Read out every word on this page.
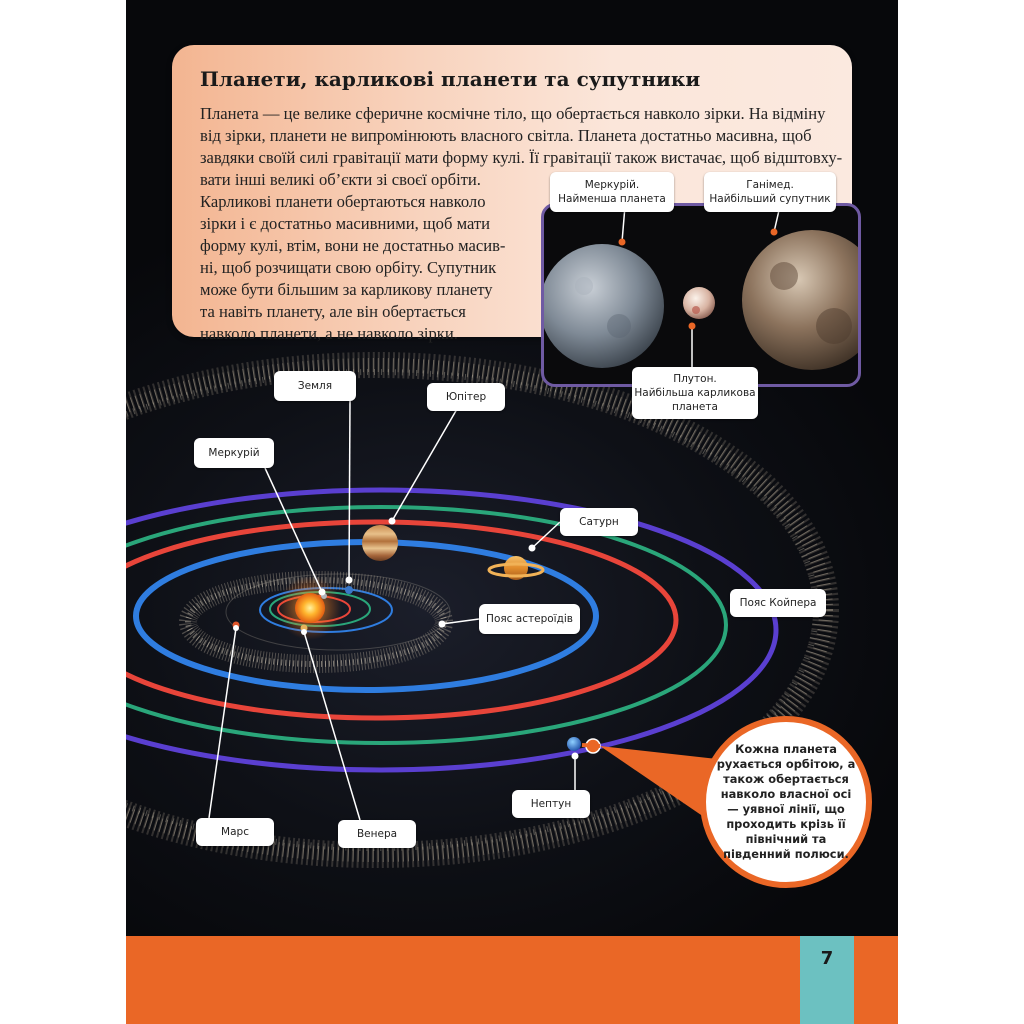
Планети, карликові планети та супутники

Планета — це велике сферичне космічне тіло, що обертається навколо зірки. На відміну

від зірки, планети не випромінюють власного світла. Планета достатньо масивна, щоб

завдяки своїй силі гравітації мати форму кулі. Її гравітації також вистачає, щоб відштовху-

вати інші великі об’єкти зі своєї орбіти.

Карликові планети обертаються навколо

зірки і є достатньо масивними, щоб мати

форму кулі, втім, вони не достатньо масив-

ні, щоб розчищати свою орбіту. Супутник

може бути більшим за карликову планету

та навіть планету, але він обертається

навколо планети, а не навколо зірки.

Меркурій.
Найменша планета
Ганімед.
Найбільший супутник
Плутон.
Найбільша карликова
планета
Земля
Юпітер
Меркурій
Сатурн
Пояс астероїдів
Пояс Койпера
Нептун
Марс	Венера
Кожна планета рухається орбітою, а також обертається навколо власної осі — уявної лінії, що проходить крізь її північний та південний полюси.
7
